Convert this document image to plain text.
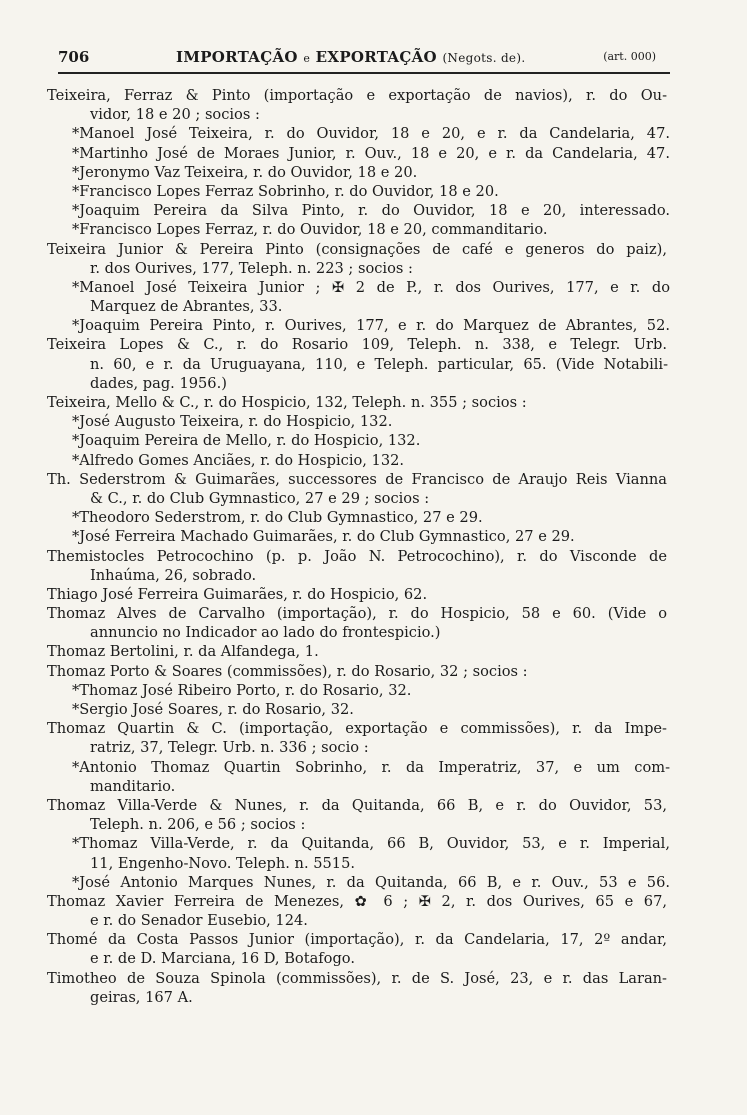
706	IMPORTAÇÃO e EXPORTAÇÃO (Negots. de).	(art. 000)
Teixeira, Ferraz & Pinto (importação e exportação de navios), r. do Ou-
vidor, 18 e 20 ; socios :
*Manoel José Teixeira, r. do Ouvidor, 18 e 20, e r. da Candelaria, 47.
*Martinho José de Moraes Junior, r. Ouv., 18 e 20, e r. da Candelaria, 47.
*Jeronymo Vaz Teixeira, r. do Ouvidor, 18 e 20.
*Francisco Lopes Ferraz Sobrinho, r. do Ouvidor, 18 e 20.
*Joaquim Pereira da Silva Pinto, r. do Ouvidor, 18 e 20, interessado.
*Francisco Lopes Ferraz, r. do Ouvidor, 18 e 20, commanditario.
Teixeira Junior & Pereira Pinto (consignações de café e generos do paiz),
r. dos Ourives, 177, Teleph. n. 223 ; socios :
*Manoel José Teixeira Junior ; ✠ 2 de P., r. dos Ourives, 177, e r. do
Marquez de Abrantes, 33.
*Joaquim Pereira Pinto, r. Ourives, 177, e r. do Marquez de Abrantes, 52.
Teixeira Lopes & C., r. do Rosario 109, Teleph. n. 338, e Telegr. Urb.
n. 60, e r. da Uruguayana, 110, e Teleph. particular, 65. (Vide Notabili-
dades, pag. 1956.)
Teixeira, Mello & C., r. do Hospicio, 132, Teleph. n. 355 ; socios :
*José Augusto Teixeira, r. do Hospicio, 132.
*Joaquim Pereira de Mello, r. do Hospicio, 132.
*Alfredo Gomes Anciães, r. do Hospicio, 132.
Th. Sederstrom & Guimarães, successores de Francisco de Araujo Reis Vianna
& C., r. do Club Gymnastico, 27 e 29 ; socios :
*Theodoro Sederstrom, r. do Club Gymnastico, 27 e 29.
*José Ferreira Machado Guimarães, r. do Club Gymnastico, 27 e 29.
Themistocles Petrocochino (p. p. João N. Petrocochino), r. do Visconde de
Inhaúma, 26, sobrado.
Thiago José Ferreira Guimarães, r. do Hospicio, 62.
Thomaz Alves de Carvalho (importação), r. do Hospicio, 58 e 60. (Vide o
annuncio no Indicador ao lado do frontespicio.)
Thomaz Bertolini, r. da Alfandega, 1.
Thomaz Porto & Soares (commissões), r. do Rosario, 32 ; socios :
*Thomaz José Ribeiro Porto, r. do Rosario, 32.
*Sergio José Soares, r. do Rosario, 32.
Thomaz Quartin & C. (importação, exportação e commissões), r. da Impe-
ratriz, 37, Telegr. Urb. n. 336 ; socio :
*Antonio Thomaz Quartin Sobrinho, r. da Imperatriz, 37, e um com-
manditario.
Thomaz Villa-Verde & Nunes, r. da Quitanda, 66 B, e r. do Ouvidor, 53,
Teleph. n. 206, e 56 ; socios :
*Thomaz Villa-Verde, r. da Quitanda, 66 B, Ouvidor, 53, e r. Imperial,
11, Engenho-Novo. Teleph. n. 5515.
*José Antonio Marques Nunes, r. da Quitanda, 66 B, e r. Ouv., 53 e 56.
Thomaz Xavier Ferreira de Menezes, ✿ 6 ; ✠ 2, r. dos Ourives, 65 e 67,
e r. do Senador Eusebio, 124.
Thomé da Costa Passos Junior (importação), r. da Candelaria, 17, 2º andar,
e r. de D. Marciana, 16 D, Botafogo.
Timotheo de Souza Spinola (commissões), r. de S. José, 23, e r. das Laran-
geiras, 167 A.
